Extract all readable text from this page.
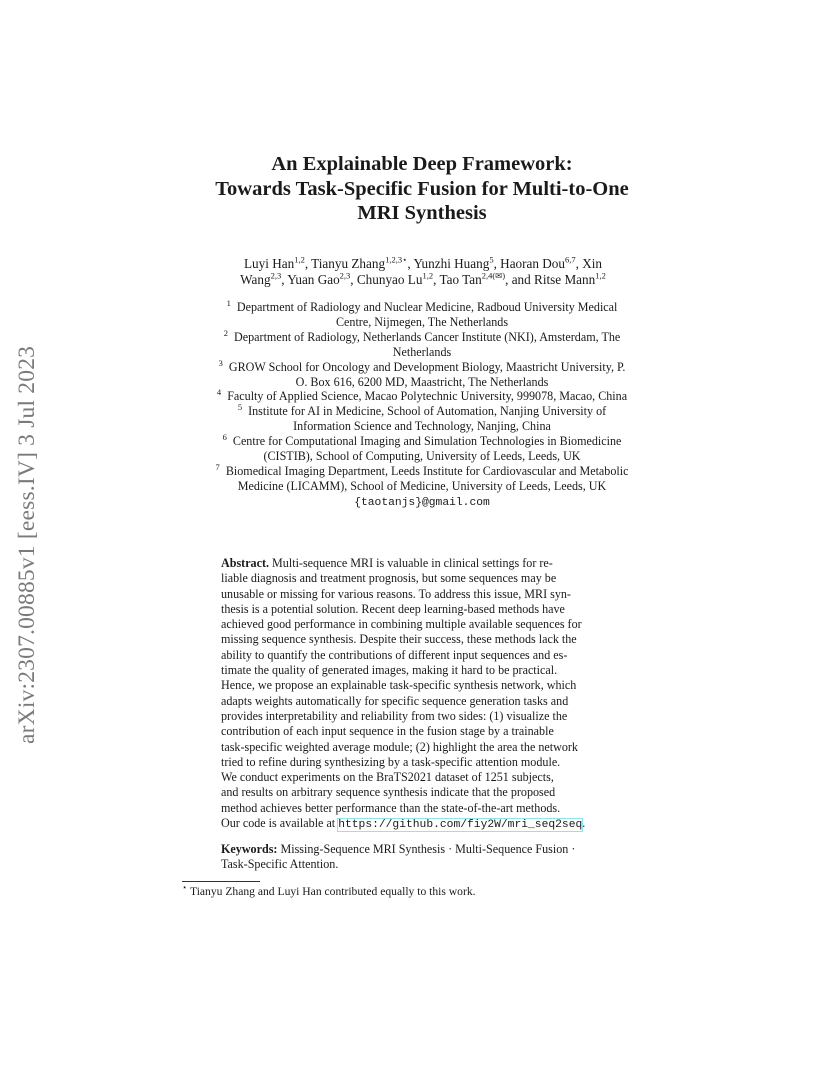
arXiv:2307.00885v1 [eess.IV] 3 Jul 2023
An Explainable Deep Framework:
Towards Task-Specific Fusion for Multi-to-One
MRI Synthesis
Luyi Han$^{1,2}$, Tianyu Zhang$^{1,2,3⋆}$, Yunzhi Huang$^5$, Haoran Dou$^{6,7}$, Xin
Wang$^{2,3}$, Yuan Gao$^{2,3}$, Chunyao Lu$^{1,2}$, Tao Tan$^{2,4(✉)}$, and Ritse Mann$^{1,2}$
$^1$ Department of Radiology and Nuclear Medicine, Radboud University Medical
Centre, Nijmegen, The Netherlands
$^2$ Department of Radiology, Netherlands Cancer Institute (NKI), Amsterdam, The
Netherlands
$^3$ GROW School for Oncology and Development Biology, Maastricht University, P.
O. Box 616, 6200 MD, Maastricht, The Netherlands
$^4$ Faculty of Applied Science, Macao Polytechnic University, 999078, Macao, China
$^5$ Institute for AI in Medicine, School of Automation, Nanjing University of
Information Science and Technology, Nanjing, China
$^6$ Centre for Computational Imaging and Simulation Technologies in Biomedicine
(CISTIB), School of Computing, University of Leeds, Leeds, UK
$^7$ Biomedical Imaging Department, Leeds Institute for Cardiovascular and Metabolic
Medicine (LICAMM), School of Medicine, University of Leeds, Leeds, UK
{taotanjs}@gmail.com
Abstract. Multi-sequence MRI is valuable in clinical settings for re-
liable diagnosis and treatment prognosis, but some sequences may be
unusable or missing for various reasons. To address this issue, MRI syn-
thesis is a potential solution. Recent deep learning-based methods have
achieved good performance in combining multiple available sequences for
missing sequence synthesis. Despite their success, these methods lack the
ability to quantify the contributions of different input sequences and es-
timate the quality of generated images, making it hard to be practical.
Hence, we propose an explainable task-specific synthesis network, which
adapts weights automatically for specific sequence generation tasks and
provides interpretability and reliability from two sides: (1) visualize the
contribution of each input sequence in the fusion stage by a trainable
task-specific weighted average module; (2) highlight the area the network
tried to refine during synthesizing by a task-specific attention module.
We conduct experiments on the BraTS2021 dataset of 1251 subjects,
and results on arbitrary sequence synthesis indicate that the proposed
method achieves better performance than the state-of-the-art methods.
Our code is available at https://github.com/fiy2W/mri_seq2seq.
Keywords: Missing-Sequence MRI Synthesis · Multi-Sequence Fusion ·
Task-Specific Attention.
⋆ Tianyu Zhang and Luyi Han contributed equally to this work.
